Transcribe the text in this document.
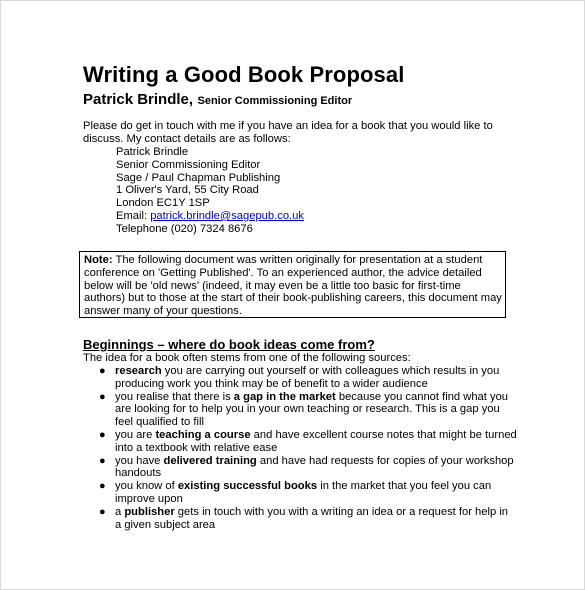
Writing a Good Book Proposal
Patrick Brindle, Senior Commissioning Editor
Please do get in touch with me if you have an idea for a book that you would like to discuss. My contact details are as follows:
Patrick Brindle
Senior Commissioning Editor
Sage / Paul Chapman Publishing
1 Oliver's Yard, 55 City Road
London EC1Y 1SP
Email: patrick.brindle@sagepub.co.uk
Telephone (020) 7324 8676
Note: The following document was written originally for presentation at a student conference on 'Getting Published'. To an experienced author, the advice detailed below will be 'old news' (indeed, it may even be a little too basic for first-time authors) but to those at the start of their book-publishing careers, this document may answer many of your questions.
Beginnings – where do book ideas come from?
The idea for a book often stems from one of the following sources:
● research you are carrying out yourself or with colleagues which results in you producing work you think may be of benefit to a wider audience
● you realise that there is a gap in the market because you cannot find what you are looking for to help you in your own teaching or research. This is a gap you feel qualified to fill
● you are teaching a course and have excellent course notes that might be turned into a textbook with relative ease
● you have delivered training and have had requests for copies of your workshop handouts
● you know of existing successful books in the market that you feel you can improve upon
● a publisher gets in touch with you with a writing an idea or a request for help in a given subject area
